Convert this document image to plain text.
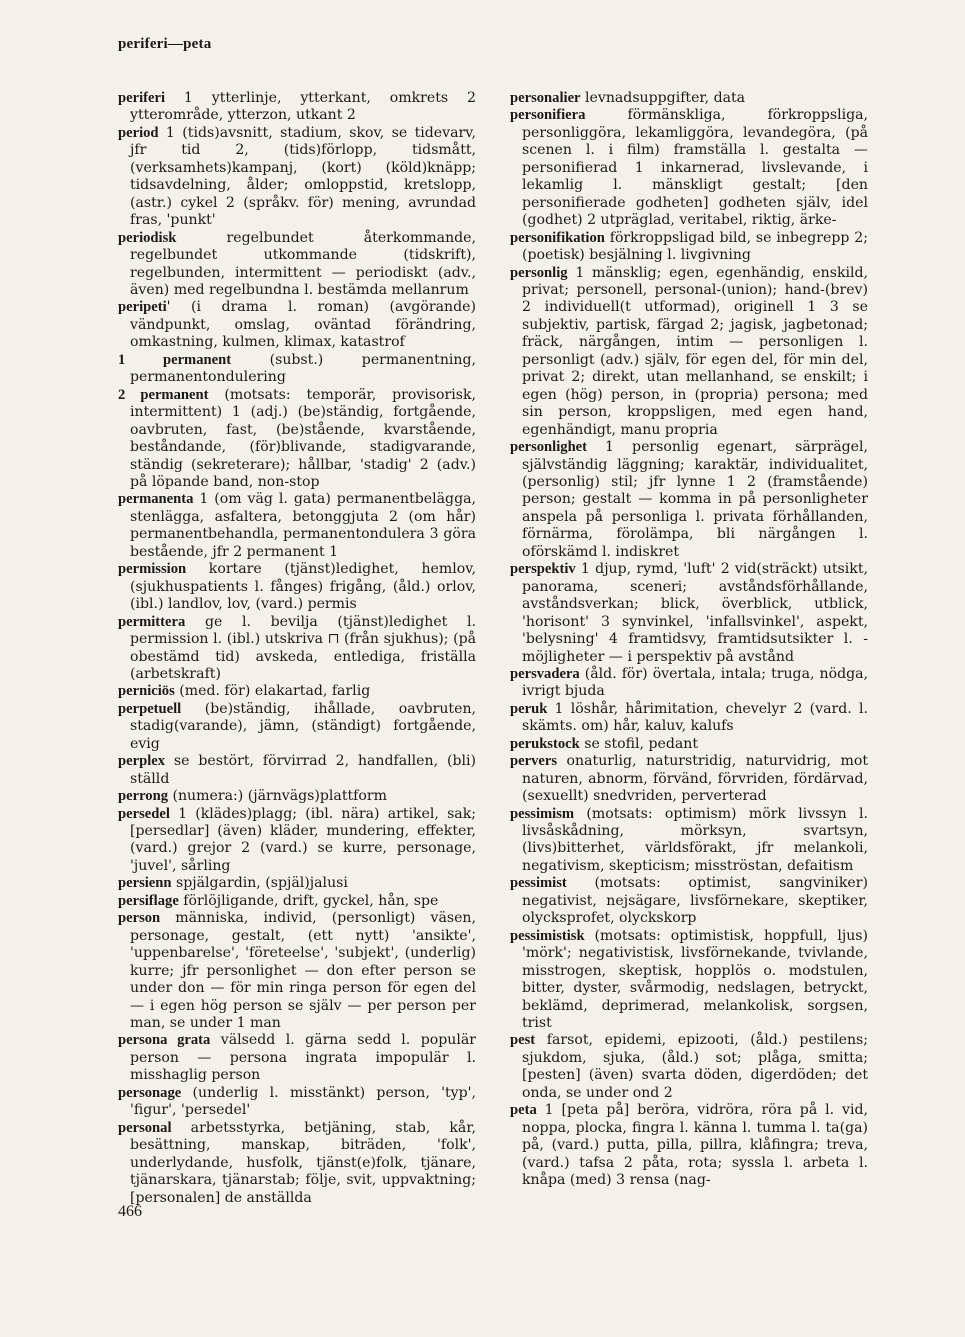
periferi—peta

periferi 1 ytterlinje, ytterkant, omkrets 2 ytterområde, ytterzon, utkant 2

period 1 (tids)avsnitt, stadium, skov, se tidevarv, jfr tid 2, (tids)förlopp, tidsmått, (verksamhets)kampanj, (kort) (köld)knäpp; tidsavdelning, ålder; omloppstid, kretslopp, (astr.) cykel 2 (språkv. för) mening, avrundad fras, 'punkt'

periodisk regelbundet återkommande, regelbundet utkommande (tidskrift), regelbunden, intermittent — periodiskt (adv., även) med regelbundna l. bestämda mellanrum

peripeti' (i drama l. roman) (avgörande) vändpunkt, omslag, oväntad förändring, omkastning, kulmen, klimax, katastrof

1 permanent (subst.) permanentning, permanentondulering

2 permanent (motsats: temporär, provisorisk, intermittent) 1 (adj.) (be)ständig, fortgående, oavbruten, fast, (be)stående, kvarstående, beståndande, (för)blivande, stadigvarande, ständig (sekreterare); hållbar, 'stadig' 2 (adv.) på löpande band, non-stop

permanenta 1 (om väg l. gata) permanentbelägga, stenlägga, asfaltera, betonggjuta 2 (om hår) permanentbehandla, permanentondulera 3 göra bestående, jfr 2 permanent 1

permission kortare (tjänst)ledighet, hemlov, (sjukhuspatients l. fånges) frigång, (åld.) orlov, (ibl.) landlov, lov, (vard.) permis

permittera ge l. bevilja (tjänst)ledighet l. permission l. (ibl.) utskriva ⊓ (från sjukhus); (på obestämd tid) avskeda, entlediga, friställa (arbetskraft)

perniciös (med. för) elakartad, farlig

perpetuell (be)ständig, ihållade, oavbruten, stadig(varande), jämn, (ständigt) fortgående, evig

perplex se bestört, förvirrad 2, handfallen, (bli) ställd

perrong (numera:) (järnvägs)plattform

persedel 1 (klädes)plagg; (ibl. nära) artikel, sak; [persedlar] (även) kläder, mundering, effekter, (vard.) grejor 2 (vard.) se kurre, personage, 'juvel', sårling

persienn spjälgardin, (spjäl)jalusi

persiflage förlöjligande, drift, gyckel, hån, spe

person människa, individ, (personligt) väsen, personage, gestalt, (ett nytt) 'ansikte', 'uppenbarelse', 'företeelse', 'subjekt', (underlig) kurre; jfr personlighet — don efter person se under don — för min ringa person för egen del — i egen hög person se själv — per person per man, se under 1 man

persona grata välsedd l. gärna sedd l. populär person — persona ingrata impopulär l. misshaglig person

personage (underlig l. misstänkt) person, 'typ', 'figur', 'persedel'

personal arbetsstyrka, betjäning, stab, kår, besättning, manskap, biträden, 'folk', underlydande, husfolk, tjänst(e)folk, tjänare, tjänarskara, tjänarstab; följe, svit, uppvaktning; [personalen] de anställda

personalier levnadsuppgifter, data

personifiera förmänskliga, förkroppsliga, personliggöra, lekamliggöra, levandegöra, (på scenen l. i film) framställa l. gestalta — personifierad 1 inkarnerad, livslevande, i lekamlig l. mänskligt gestalt; [den personifierade godheten] godheten själv, idel (godhet) 2 utpräglad, veritabel, riktig, ärke-

personifikation förkroppsligad bild, se inbegrepp 2; (poetisk) besjälning l. livgivning

personlig 1 mänsklig; egen, egenhändig, enskild, privat; personell, personal-(union); hand-(brev) 2 individuell(t utformad), originell 1 3 se subjektiv, partisk, färgad 2; jagisk, jagbetonad; fräck, närgången, intim — personligen l. personligt (adv.) själv, för egen del, för min del, privat 2; direkt, utan mellanhand, se enskilt; i egen (hög) person, in (propria) persona; med sin person, kroppsligen, med egen hand, egenhändigt, manu propria

personlighet 1 personlig egenart, särprägel, självständig läggning; karaktär, individualitet, (personlig) stil; jfr lynne 1 2 (framstående) person; gestalt — komma in på personligheter anspela på personliga l. privata förhållanden, förnärma, förolämpa, bli närgången l. oförskämd l. indiskret

perspektiv 1 djup, rymd, 'luft' 2 vid(sträckt) utsikt, panorama, sceneri; avståndsförhållande, avståndsverkan; blick, överblick, utblick, 'horisont' 3 synvinkel, 'infallsvinkel', aspekt, 'belysning' 4 framtidsvy, framtidsutsikter l. -möjligheter — i perspektiv på avstånd

persvadera (åld. för) övertala, intala; truga, nödga, ivrigt bjuda

peruk 1 löshår, hårimitation, chevelyr 2 (vard. l. skämts. om) hår, kaluv, kalufs

perukstock se stofil, pedant

pervers onaturlig, naturstridig, naturvidrig, mot naturen, abnorm, förvänd, förvriden, fördärvad, (sexuellt) snedvriden, perverterad

pessimism (motsats: optimism) mörk livssyn l. livsåskådning, mörksyn, svartsyn, (livs)bitterhet, världsförakt, jfr melankoli, negativism, skepticism; misströstan, defaitism

pessimist (motsats: optimist, sangviniker) negativist, nejsägare, livsförnekare, skeptiker, olycksprofet, olyckskorp

pessimistisk (motsats: optimistisk, hoppfull, ljus) 'mörk'; negativistisk, livsförnekande, tvivlande, misstrogen, skeptisk, hopplös o. modstulen, bitter, dyster, svårmodig, nedslagen, betryckt, beklämd, deprimerad, melankolisk, sorgsen, trist

pest farsot, epidemi, epizooti, (åld.) pestilens; sjukdom, sjuka, (åld.) sot; plåga, smitta; [pesten] (även) svarta döden, digerdöden; det onda, se under ond 2

peta 1 [peta på] beröra, vidröra, röra på l. vid, noppa, plocka, fingra l. känna l. tumma l. ta(ga) på, (vard.) putta, pilla, pillra, klåfingra; treva, (vard.) tafsa 2 påta, rota; syssla l. arbeta l. knåpa (med) 3 rensa (nag-

466
